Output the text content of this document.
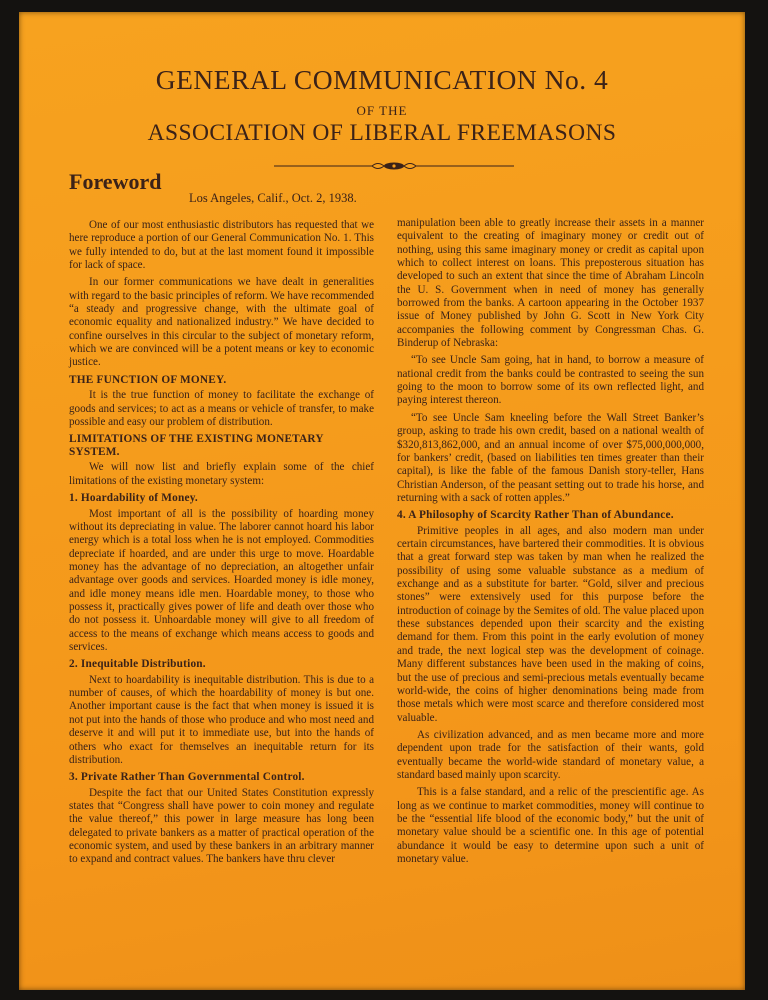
GENERAL COMMUNICATION No. 4
OF THE
ASSOCIATION OF LIBERAL FREEMASONS
Foreword
Los Angeles, Calif., Oct. 2, 1938.

One of our most enthusiastic distributors has requested that we here reproduce a portion of our General Communication No. 1. This we fully intended to do, but at the last moment found it impossible for lack of space.

In our former communications we have dealt in generalities with regard to the basic principles of reform. We have recommended “a steady and progressive change, with the ultimate goal of economic equality and nationalized industry.” We have decided to confine ourselves in this circular to the subject of monetary reform, which we are convinced will be a potent means or key to economic justice.

THE FUNCTION OF MONEY.

It is the true function of money to facilitate the exchange of goods and services; to act as a means or vehicle of transfer, to make possible and easy our problem of distribution.

LIMITATIONS OF THE EXISTING MONETARY SYSTEM.

We will now list and briefly explain some of the chief limitations of the existing monetary system:

1. Hoardability of Money.

Most important of all is the possibility of hoarding money without its depreciating in value. The laborer cannot hoard his labor energy which is a total loss when he is not employed. Commodities depreciate if hoarded, and are under this urge to move. Hoardable money has the advantage of no depreciation, an altogether unfair advantage over goods and services. Hoarded money is idle money, and idle money means idle men. Hoardable money, to those who possess it, practically gives power of life and death over those who do not possess it. Unhoardable money will give to all freedom of access to the means of exchange which means access to goods and services.

2. Inequitable Distribution.

Next to hoardability is inequitable distribution. This is due to a number of causes, of which the hoardability of money is but one. Another important cause is the fact that when money is issued it is not put into the hands of those who produce and who most need and deserve it and will put it to immediate use, but into the hands of others who exact for themselves an inequitable return for its distribution.

3. Private Rather Than Governmental Control.

Despite the fact that our United States Constitution expressly states that “Congress shall have power to coin money and regulate the value thereof,” this power in large measure has long been delegated to private bankers as a matter of practical operation of the economic system, and used by these bankers in an arbitrary manner to expand and contract values. The bankers have thru clever

manipulation been able to greatly increase their assets in a manner equivalent to the creating of imaginary money or credit out of nothing, using this same imaginary money or credit as capital upon which to collect interest on loans. This preposterous situation has developed to such an extent that since the time of Abraham Lincoln the U. S. Government when in need of money has generally borrowed from the banks. A cartoon appearing in the October 1937 issue of Money published by John G. Scott in New York City accompanies the following comment by Congressman Chas. G. Binderup of Nebraska:

“To see Uncle Sam going, hat in hand, to borrow a measure of national credit from the banks could be contrasted to seeing the sun going to the moon to borrow some of its own reflected light, and paying interest thereon.

“To see Uncle Sam kneeling before the Wall Street Banker’s group, asking to trade his own credit, based on a national wealth of $320,813,862,000, and an annual income of over $75,000,000,000, for bankers’ credit, (based on liabilities ten times greater than their capital), is like the fable of the famous Danish story-teller, Hans Christian Anderson, of the peasant setting out to trade his horse, and returning with a sack of rotten apples.”

4. A Philosophy of Scarcity Rather Than of Abundance.

Primitive peoples in all ages, and also modern man under certain circumstances, have bartered their commodities. It is obvious that a great forward step was taken by man when he realized the possibility of using some valuable substance as a medium of exchange and as a substitute for barter. “Gold, silver and precious stones” were extensively used for this purpose before the introduction of coinage by the Semites of old. The value placed upon these substances depended upon their scarcity and the existing demand for them. From this point in the early evolution of money and trade, the next logical step was the development of coinage. Many different substances have been used in the making of coins, but the use of precious and semi-precious metals eventually became world-wide, the coins of higher denominations being made from those metals which were most scarce and therefore considered most valuable.

As civilization advanced, and as men became more and more dependent upon trade for the satisfaction of their wants, gold eventually became the world-wide standard of monetary value, a standard based mainly upon scarcity.

This is a false standard, and a relic of the prescientific age. As long as we continue to market commodities, money will continue to be the “essential life blood of the economic body,” but the unit of monetary value should be a scientific one. In this age of potential abundance it would be easy to determine upon such a unit of monetary value.
